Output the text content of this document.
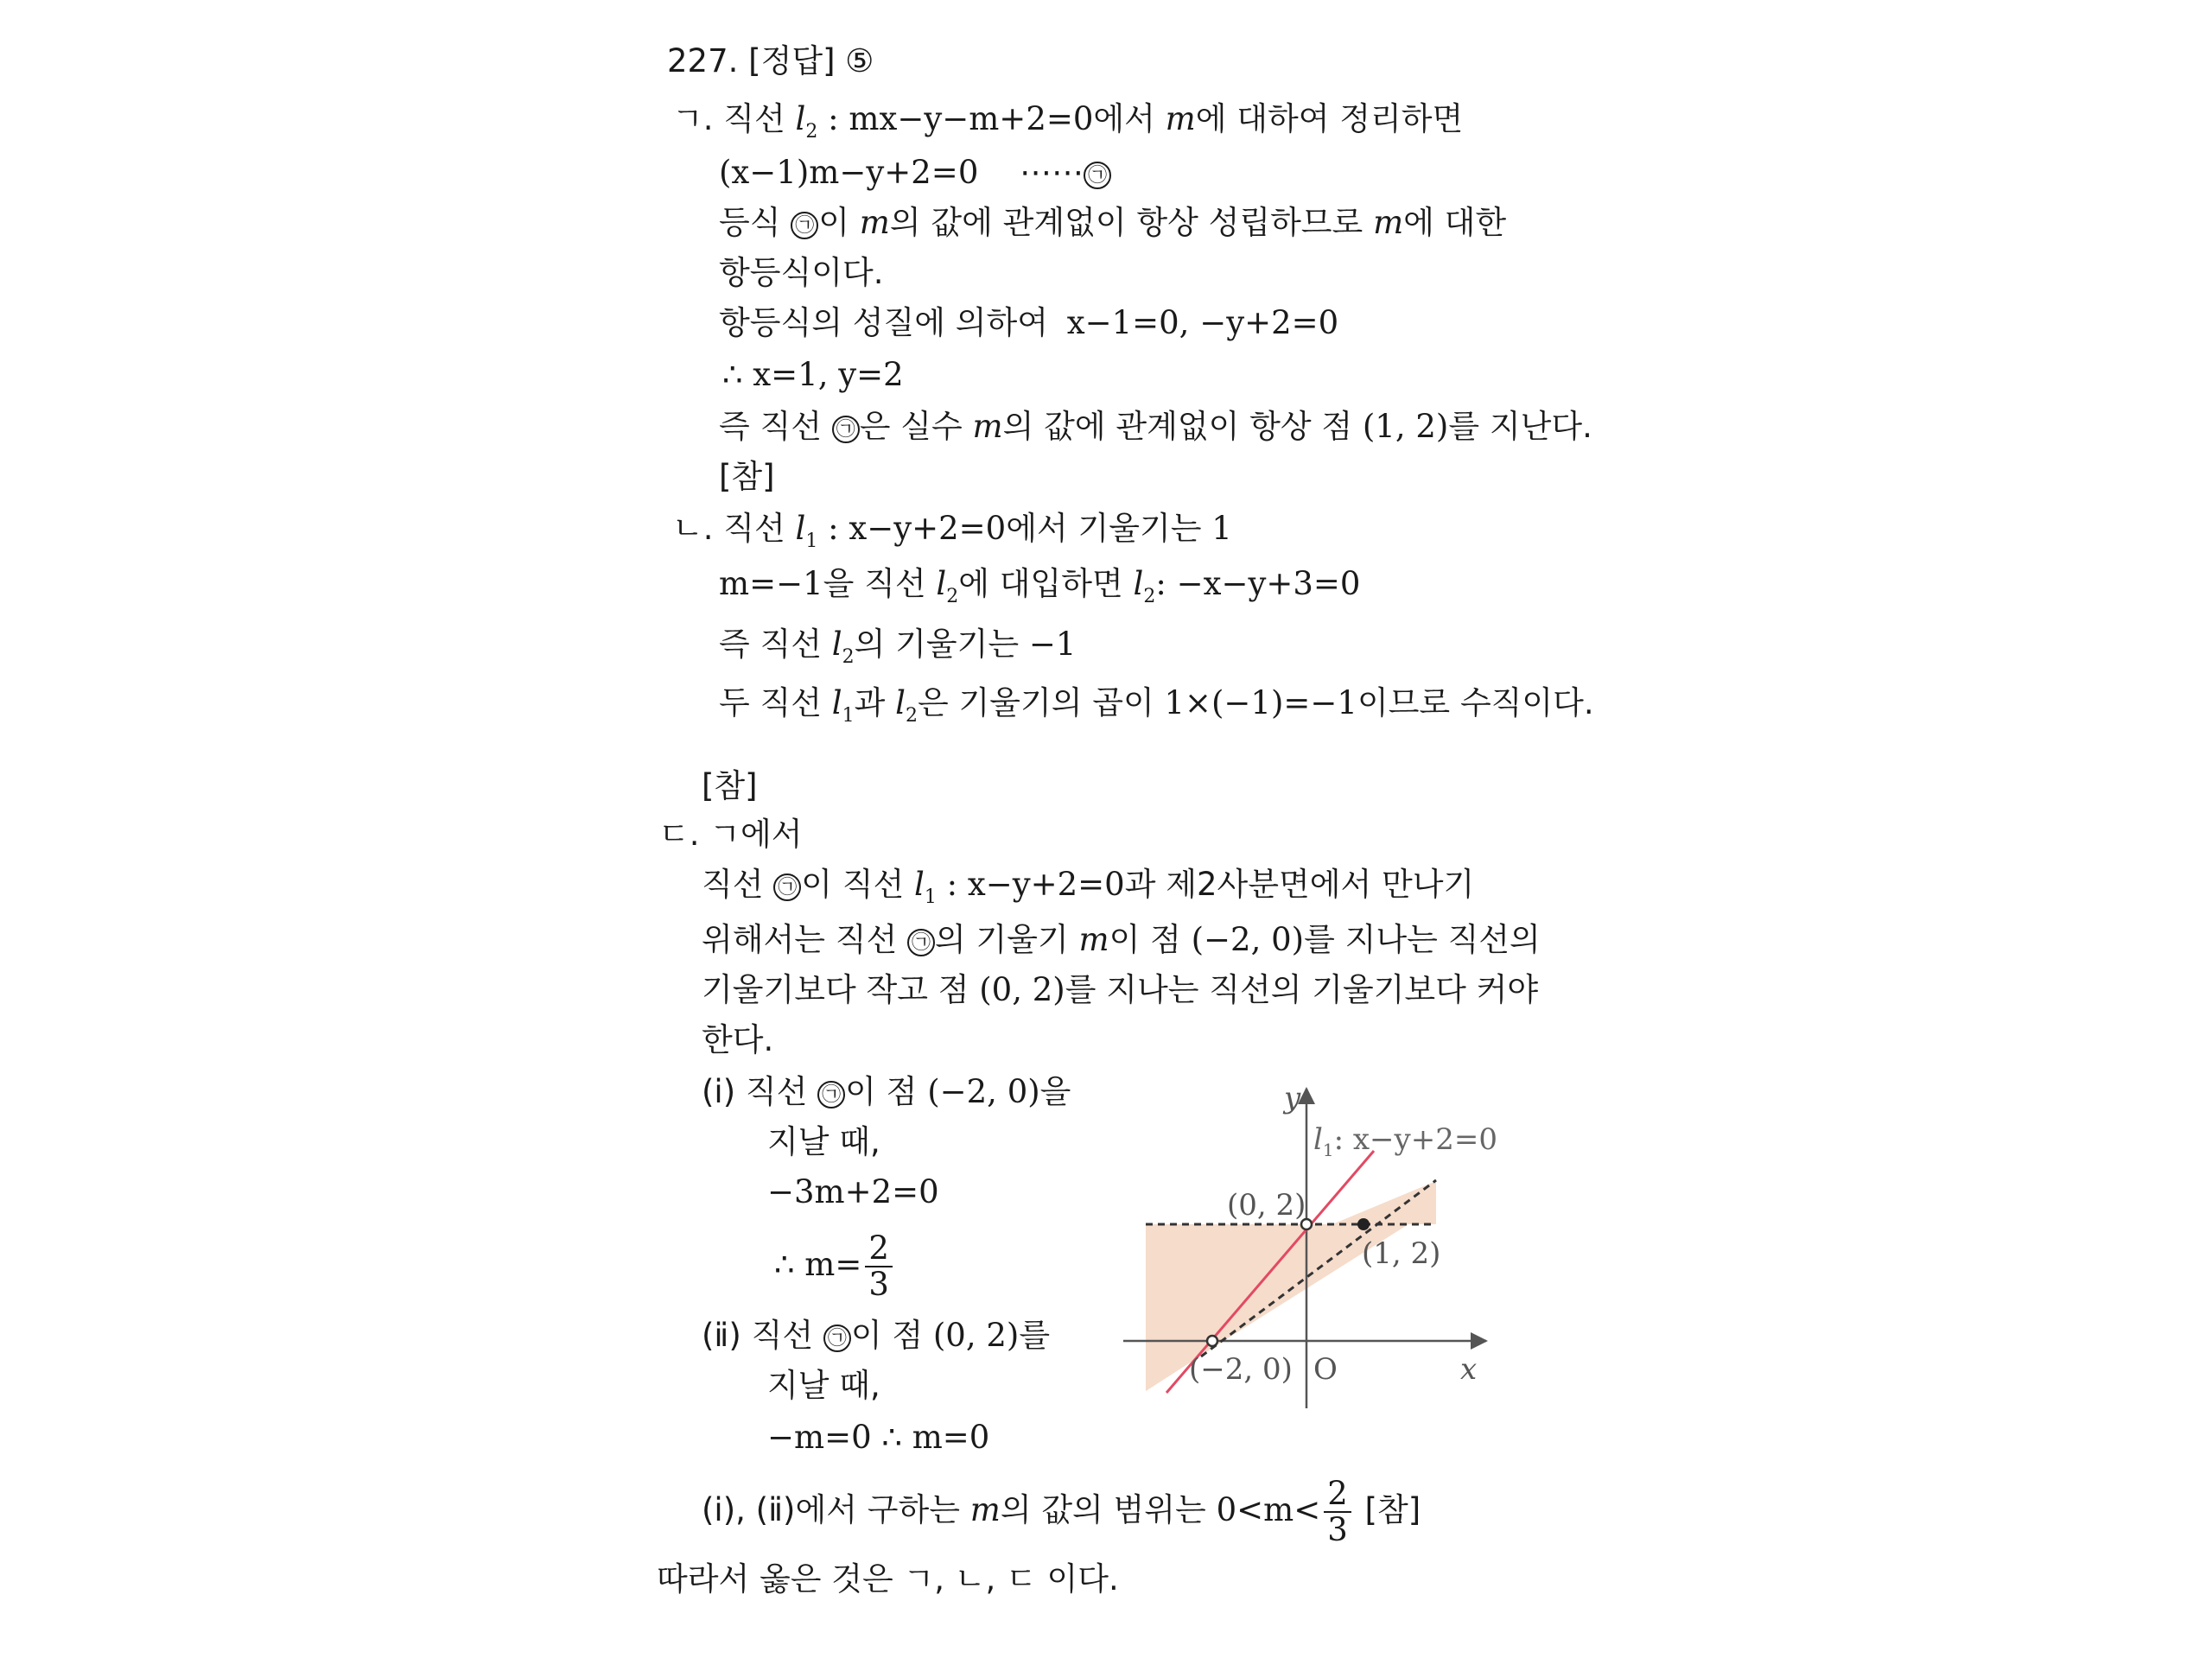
227. [정답] ⑤
ㄱ. 직선 $l_2$ : mx−y−m+2=0에서 m에 대하여 정리하면
(x−1)m−y+2=0 ⋯⋯ ㉠
등식 ㉠ 이 m의 값에 관계없이 항상 성립하므로 m에 대한
항등식이다.
항등식의 성질에 의하여 x−1=0, −y+2=0
∴ x=1, y=2
즉 직선 ㉠ 은 실수 m의 값에 관계없이 항상 점 (1, 2)를 지난다.
[참]
ㄴ. 직선 $l_1$ : x−y+2=0에서 기울기는 1
m=−1을 직선 $l_2$에 대입하면 $l_2$: −x−y+3=0
즉 직선 $l_2$의 기울기는 −1
두 직선 $l_1$과 $l_2$은 기울기의 곱이 1×(−1)=−1이므로 수직이다.
[참]
ㄷ. ㄱ에서
직선 ㉠ 이 직선 $l_1$ : x−y+2=0과 제2사분면에서 만나기
위해서는 직선 ㉠ 의 기울기 m이 점 (−2, 0)를 지나는 직선의
기울기보다 작고 점 (0, 2)를 지나는 직선의 기울기보다 커야
한다.
(ⅰ) 직선 ㉠ 이 점 (−2, 0)을
지날 때,
−3m+2=0
∴ $m= \frac{2}{3}$
(ⅱ) 직선 ㉠ 이 점 (0, 2)를
지날 때,
−m=0 ∴ m=0
(ⅰ), (ⅱ)에서 구하는 m의 값의 범위는 $0<m< \frac{2}{3}$ [참]
따라서 옳은 것은 ㄱ, ㄴ, ㄷ 이다.
y
x
O
$l_1$: x−y+2=0
(0, 2)
(1, 2)
(−2, 0)
